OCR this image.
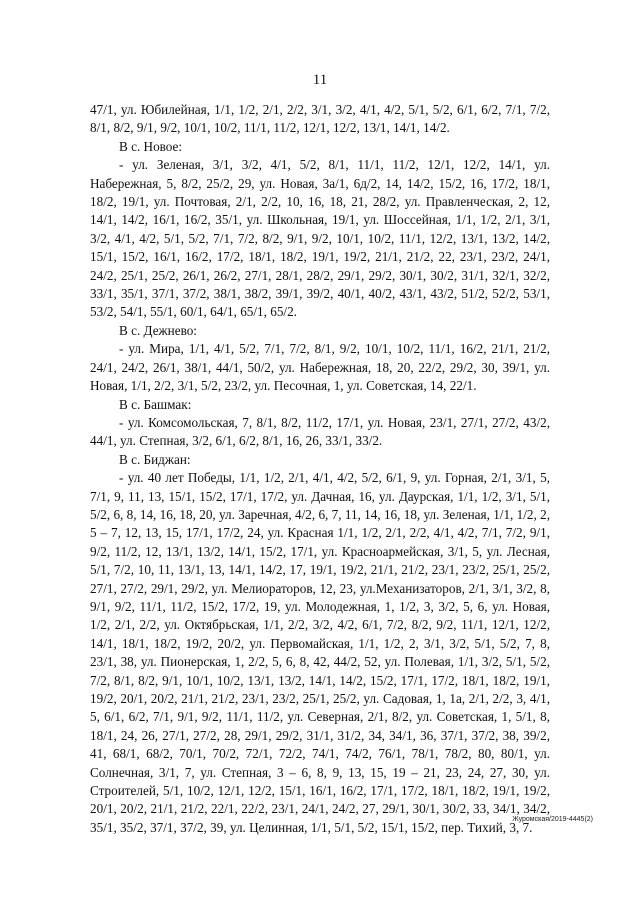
11

47/1, ул. Юбилейная, 1/1, 1/2, 2/1, 2/2, 3/1, 3/2, 4/1, 4/2, 5/1, 5/2, 6/1, 6/2, 7/1, 7/2, 8/1, 8/2, 9/1, 9/2, 10/1, 10/2, 11/1, 11/2, 12/1, 12/2, 13/1, 14/1, 14/2.

В с. Новое:

- ул. Зеленая, 3/1, 3/2, 4/1, 5/2, 8/1, 11/1, 11/2, 12/1, 12/2, 14/1, ул. Набережная, 5, 8/2, 25/2, 29, ул. Новая, 3а/1, 6д/2, 14, 14/2, 15/2, 16, 17/2, 18/1, 18/2, 19/1, ул. Почтовая, 2/1, 2/2, 10, 16, 18, 21, 28/2, ул. Правленческая, 2, 12, 14/1, 14/2, 16/1, 16/2, 35/1, ул. Школьная, 19/1, ул. Шоссейная, 1/1, 1/2, 2/1, 3/1, 3/2, 4/1, 4/2, 5/1, 5/2, 7/1, 7/2, 8/2, 9/1, 9/2, 10/1, 10/2, 11/1, 12/2, 13/1, 13/2, 14/2, 15/1, 15/2, 16/1, 16/2, 17/2, 18/1, 18/2, 19/1, 19/2, 21/1, 21/2, 22, 23/1, 23/2, 24/1, 24/2, 25/1, 25/2, 26/1, 26/2, 27/1, 28/1, 28/2, 29/1, 29/2, 30/1, 30/2, 31/1, 32/1, 32/2, 33/1, 35/1, 37/1, 37/2, 38/1, 38/2, 39/1, 39/2, 40/1, 40/2, 43/1, 43/2, 51/2, 52/2, 53/1, 53/2, 54/1, 55/1, 60/1, 64/1, 65/1, 65/2.

В с. Дежнево:

- ул. Мира, 1/1, 4/1, 5/2, 7/1, 7/2, 8/1, 9/2, 10/1, 10/2, 11/1, 16/2, 21/1, 21/2, 24/1, 24/2, 26/1, 38/1, 44/1, 50/2, ул. Набережная, 18, 20, 22/2, 29/2, 30, 39/1, ул. Новая, 1/1, 2/2, 3/1, 5/2, 23/2, ул. Песочная, 1, ул. Советская, 14, 22/1.

В с. Башмак:

- ул. Комсомольская, 7, 8/1, 8/2, 11/2, 17/1, ул. Новая, 23/1, 27/1, 27/2, 43/2, 44/1, ул. Степная, 3/2, 6/1, 6/2, 8/1, 16, 26, 33/1, 33/2.

В с. Биджан:

- ул. 40 лет Победы, 1/1, 1/2, 2/1, 4/1, 4/2, 5/2, 6/1, 9, ул. Горная, 2/1, 3/1, 5, 7/1, 9, 11, 13, 15/1, 15/2, 17/1, 17/2, ул. Дачная, 16, ул. Даурская, 1/1, 1/2, 3/1, 5/1, 5/2, 6, 8, 14, 16, 18, 20, ул. Заречная, 4/2, 6, 7, 11, 14, 16, 18, ул. Зеленая, 1/1, 1/2, 2, 5 – 7, 12, 13, 15, 17/1, 17/2, 24, ул. Красная 1/1, 1/2, 2/1, 2/2, 4/1, 4/2, 7/1, 7/2, 9/1, 9/2, 11/2, 12, 13/1, 13/2, 14/1, 15/2, 17/1, ул. Красноармейская, 3/1, 5, ул. Лесная, 5/1, 7/2, 10, 11, 13/1, 13, 14/1, 14/2, 17, 19/1, 19/2, 21/1, 21/2, 23/1, 23/2, 25/1, 25/2, 27/1, 27/2, 29/1, 29/2, ул. Мелиораторов, 12, 23, ул.Механизаторов, 2/1, 3/1, 3/2, 8, 9/1, 9/2, 11/1, 11/2, 15/2, 17/2, 19, ул. Молодежная, 1, 1/2, 3, 3/2, 5, 6, ул. Новая, 1/2, 2/1, 2/2, ул. Октябрьская, 1/1, 2/2, 3/2, 4/2, 6/1, 7/2, 8/2, 9/2, 11/1, 12/1, 12/2, 14/1, 18/1, 18/2, 19/2, 20/2, ул. Первомайская, 1/1, 1/2, 2, 3/1, 3/2, 5/1, 5/2, 7, 8, 23/1, 38, ул. Пионерская, 1, 2/2, 5, 6, 8, 42, 44/2, 52, ул. Полевая, 1/1, 3/2, 5/1, 5/2, 7/2, 8/1, 8/2, 9/1, 10/1, 10/2, 13/1, 13/2, 14/1, 14/2, 15/2, 17/1, 17/2, 18/1, 18/2, 19/1, 19/2, 20/1, 20/2, 21/1, 21/2, 23/1, 23/2, 25/1, 25/2, ул. Садовая, 1, 1а, 2/1, 2/2, 3, 4/1, 5, 6/1, 6/2, 7/1, 9/1, 9/2, 11/1, 11/2, ул. Северная, 2/1, 8/2, ул. Советская, 1, 5/1, 8, 18/1, 24, 26, 27/1, 27/2, 28, 29/1, 29/2, 31/1, 31/2, 34, 34/1, 36, 37/1, 37/2, 38, 39/2, 41, 68/1, 68/2, 70/1, 70/2, 72/1, 72/2, 74/1, 74/2, 76/1, 78/1, 78/2, 80, 80/1, ул. Солнечная, 3/1, 7, ул. Степная, 3 – 6, 8, 9, 13, 15, 19 – 21, 23, 24, 27, 30, ул. Строителей, 5/1, 10/2, 12/1, 12/2, 15/1, 16/1, 16/2, 17/1, 17/2, 18/1, 18/2, 19/1, 19/2, 20/1, 20/2, 21/1, 21/2, 22/1, 22/2, 23/1, 24/1, 24/2, 27, 29/1, 30/1, 30/2, 33, 34/1, 34/2, 35/1, 35/2, 37/1, 37/2, 39, ул. Целинная, 1/1, 5/1, 5/2, 15/1, 15/2, пер. Тихий, 3, 7.

Журомская/2019-4445(2)
